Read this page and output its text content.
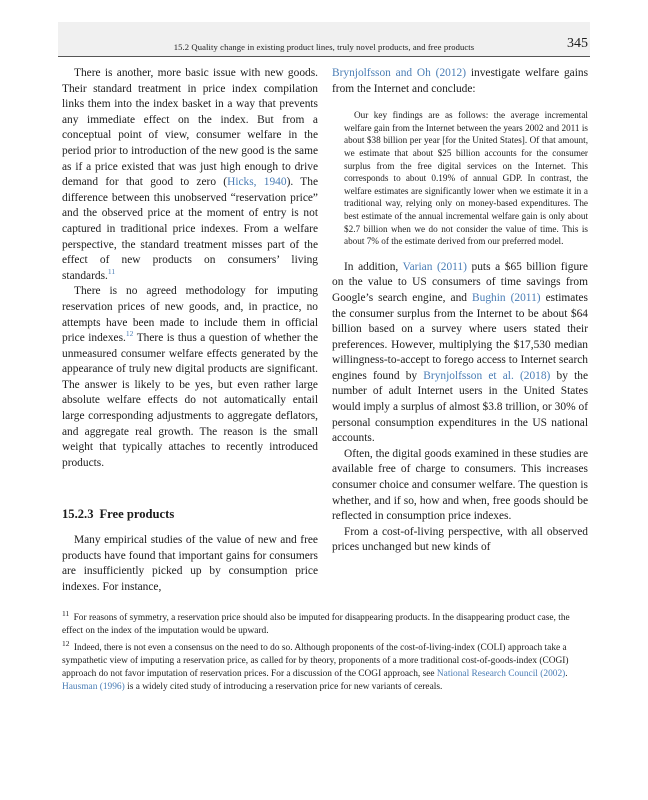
15.2 Quality change in existing product lines, truly novel products, and free products	345

There is another, more basic issue with new goods. Their standard treatment in price index compilation links them into the index basket in a way that prevents any immediate effect on the index. But from a conceptual point of view, consumer welfare in the period prior to introduction of the new good is the same as if a price existed that was just high enough to drive demand for that good to zero (Hicks, 1940). The difference between this unobserved “reservation price” and the observed price at the moment of entry is not captured in traditional price indexes. From a welfare perspective, the standard treatment misses part of the effect of new products on consumers’ living standards.$^{11}$

There is no agreed methodology for imputing reservation prices of new goods, and, in practice, no attempts have been made to include them in official price indexes.$^{12}$ There is thus a question of whether the unmeasured consumer welfare effects generated by the appearance of truly new digital products are significant. The answer is likely to be yes, but even rather large absolute welfare effects do not automatically entail large corresponding adjustments to aggregate deflators, and aggregate real growth. The reason is the small weight that typically attaches to recently introduced products.

15.2.3 Free products

Many empirical studies of the value of new and free products have found that important gains for consumers are insufficiently picked up by consumption price indexes. For instance,

Brynjolfsson and Oh (2012) investigate welfare gains from the Internet and conclude:

Our key findings are as follows: the average incremental welfare gain from the Internet between the years 2002 and 2011 is about $38 billion per year [for the United States]. Of that amount, we estimate that about $25 billion accounts for the consumer surplus from the free digital services on the Internet. This corresponds to about 0.19% of annual GDP. In contrast, the welfare estimates are significantly lower when we estimate it in a traditional way, relying only on money-based expenditures. The best estimate of the annual incremental welfare gain is only about $2.7 billion when we do not consider the value of time. This is about 7% of the estimate derived from our preferred model.

In addition, Varian (2011) puts a $65 billion figure on the value to US consumers of time savings from Google’s search engine, and Bughin (2011) estimates the consumer surplus from the Internet to be about $64 billion based on a survey where users stated their preferences. However, multiplying the $17,530 median willingness-to-accept to forego access to Internet search engines found by Brynjolfsson et al. (2018) by the number of adult Internet users in the United States would imply a surplus of almost $3.8 trillion, or 30% of personal consumption expenditures in the US national accounts.

Often, the digital goods examined in these studies are available free of charge to consumers. This increases consumer choice and consumer welfare. The question is whether, and if so, how and when, free goods should be reflected in consumption price indexes.

From a cost-of-living perspective, with all observed prices unchanged but new kinds of

$^{11}$ For reasons of symmetry, a reservation price should also be imputed for disappearing products. In the disappearing product case, the effect on the index of the imputation would be upward.

$^{12}$ Indeed, there is not even a consensus on the need to do so. Although proponents of the cost-of-living-index (COLI) approach take a sympathetic view of imputing a reservation price, as called for by theory, proponents of a more traditional cost-of-goods-index (COGI) approach do not favor imputation of reservation prices. For a discussion of the COGI approach, see National Research Council (2002). Hausman (1996) is a widely cited study of introducing a reservation price for new variants of cereals.
